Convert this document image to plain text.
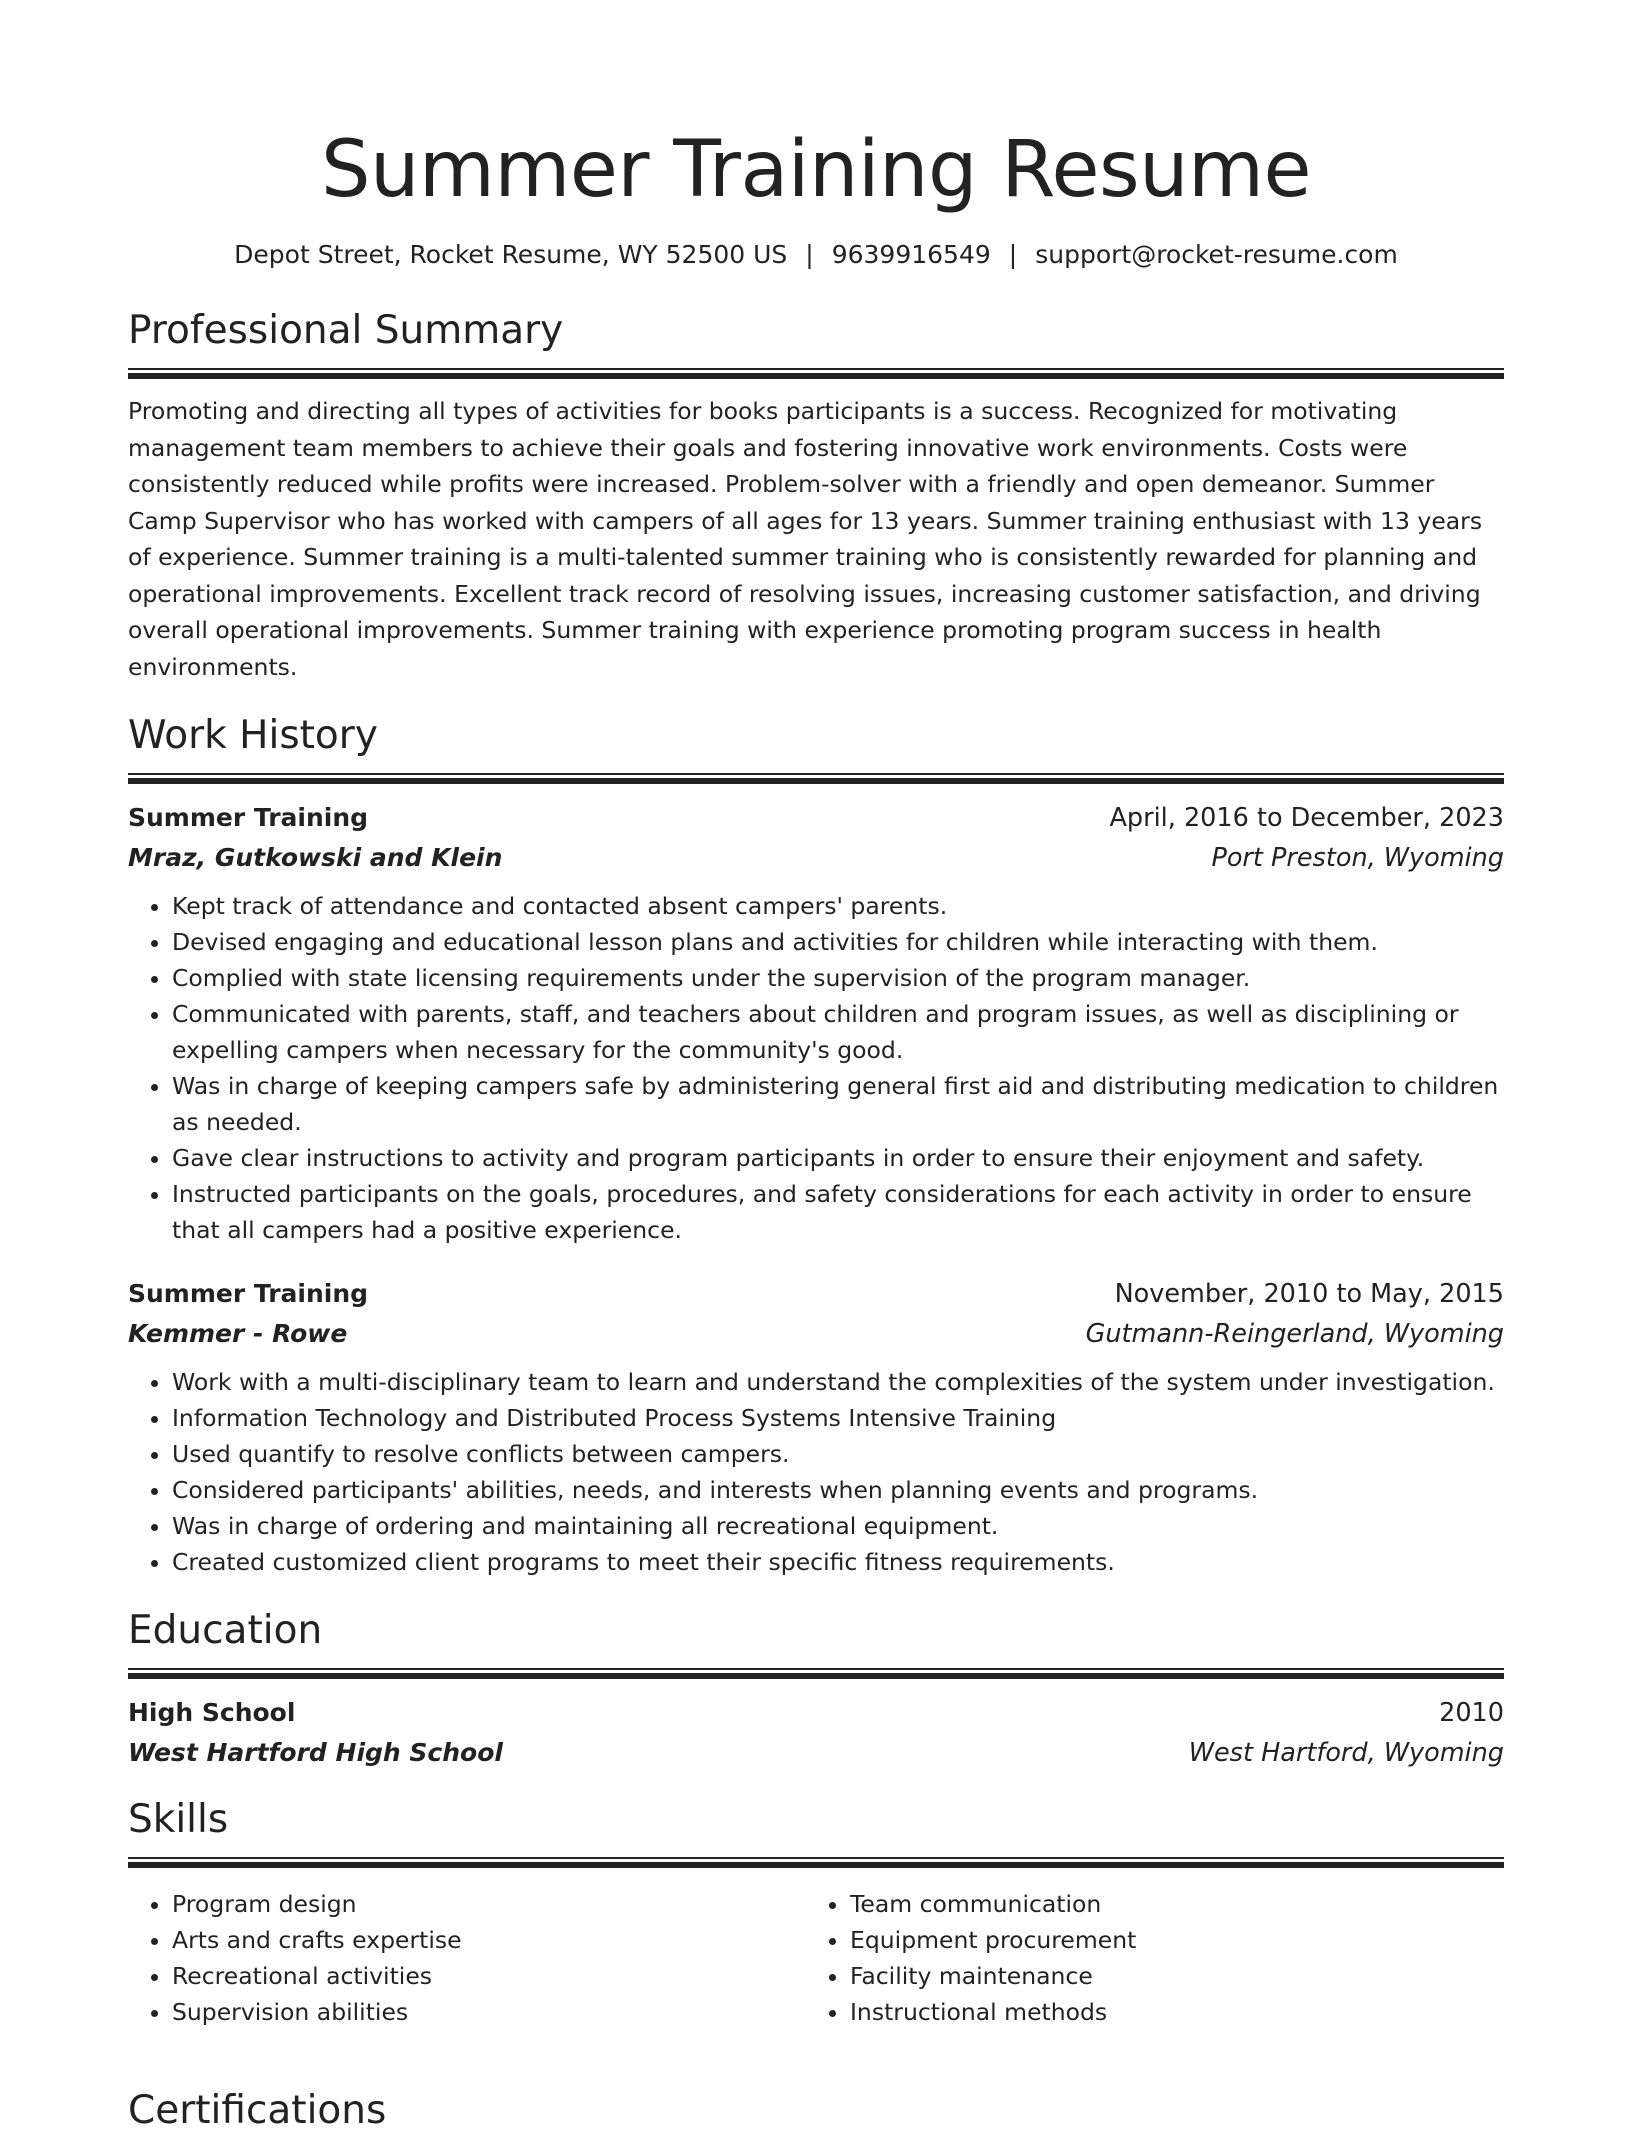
Summer Training Resume
Depot Street, Rocket Resume, WY 52500 US | 9639916549 | support@rocket-resume.com
Professional Summary

Promoting and directing all types of activities for books participants is a success. Recognized for motivating management team members to achieve their goals and fostering innovative work environments. Costs were consistently reduced while profits were increased. Problem-solver with a friendly and open demeanor. Summer Camp Supervisor who has worked with campers of all ages for 13 years. Summer training enthusiast with 13 years of experience. Summer training is a multi-talented summer training who is consistently rewarded for planning and operational improvements. Excellent track record of resolving issues, increasing customer satisfaction, and driving overall operational improvements. Summer training with experience promoting program success in health environments.

Work History
Summer Training	April, 2016 to December, 2023
Mraz, Gutkowski and Klein	Port Preston, Wyoming
• Kept track of attendance and contacted absent campers' parents.
• Devised engaging and educational lesson plans and activities for children while interacting with them.
• Complied with state licensing requirements under the supervision of the program manager.
• Communicated with parents, staff, and teachers about children and program issues, as well as disciplining or expelling campers when necessary for the community's good.
• Was in charge of keeping campers safe by administering general first aid and distributing medication to children as needed.
• Gave clear instructions to activity and program participants in order to ensure their enjoyment and safety.
• Instructed participants on the goals, procedures, and safety considerations for each activity in order to ensure that all campers had a positive experience.
Summer Training	November, 2010 to May, 2015
Kemmer - Rowe	Gutmann-Reingerland, Wyoming
• Work with a multi-disciplinary team to learn and understand the complexities of the system under investigation.
• Information Technology and Distributed Process Systems Intensive Training
• Used quantify to resolve conflicts between campers.
• Considered participants' abilities, needs, and interests when planning events and programs.
• Was in charge of ordering and maintaining all recreational equipment.
• Created customized client programs to meet their specific fitness requirements.
Education
High School	2010
West Hartford High School	West Hartford, Wyoming
Skills
• Program design
• Arts and crafts expertise
• Recreational activities
• Supervision abilities
• Team communication
• Equipment procurement
• Facility maintenance
• Instructional methods
Certifications
